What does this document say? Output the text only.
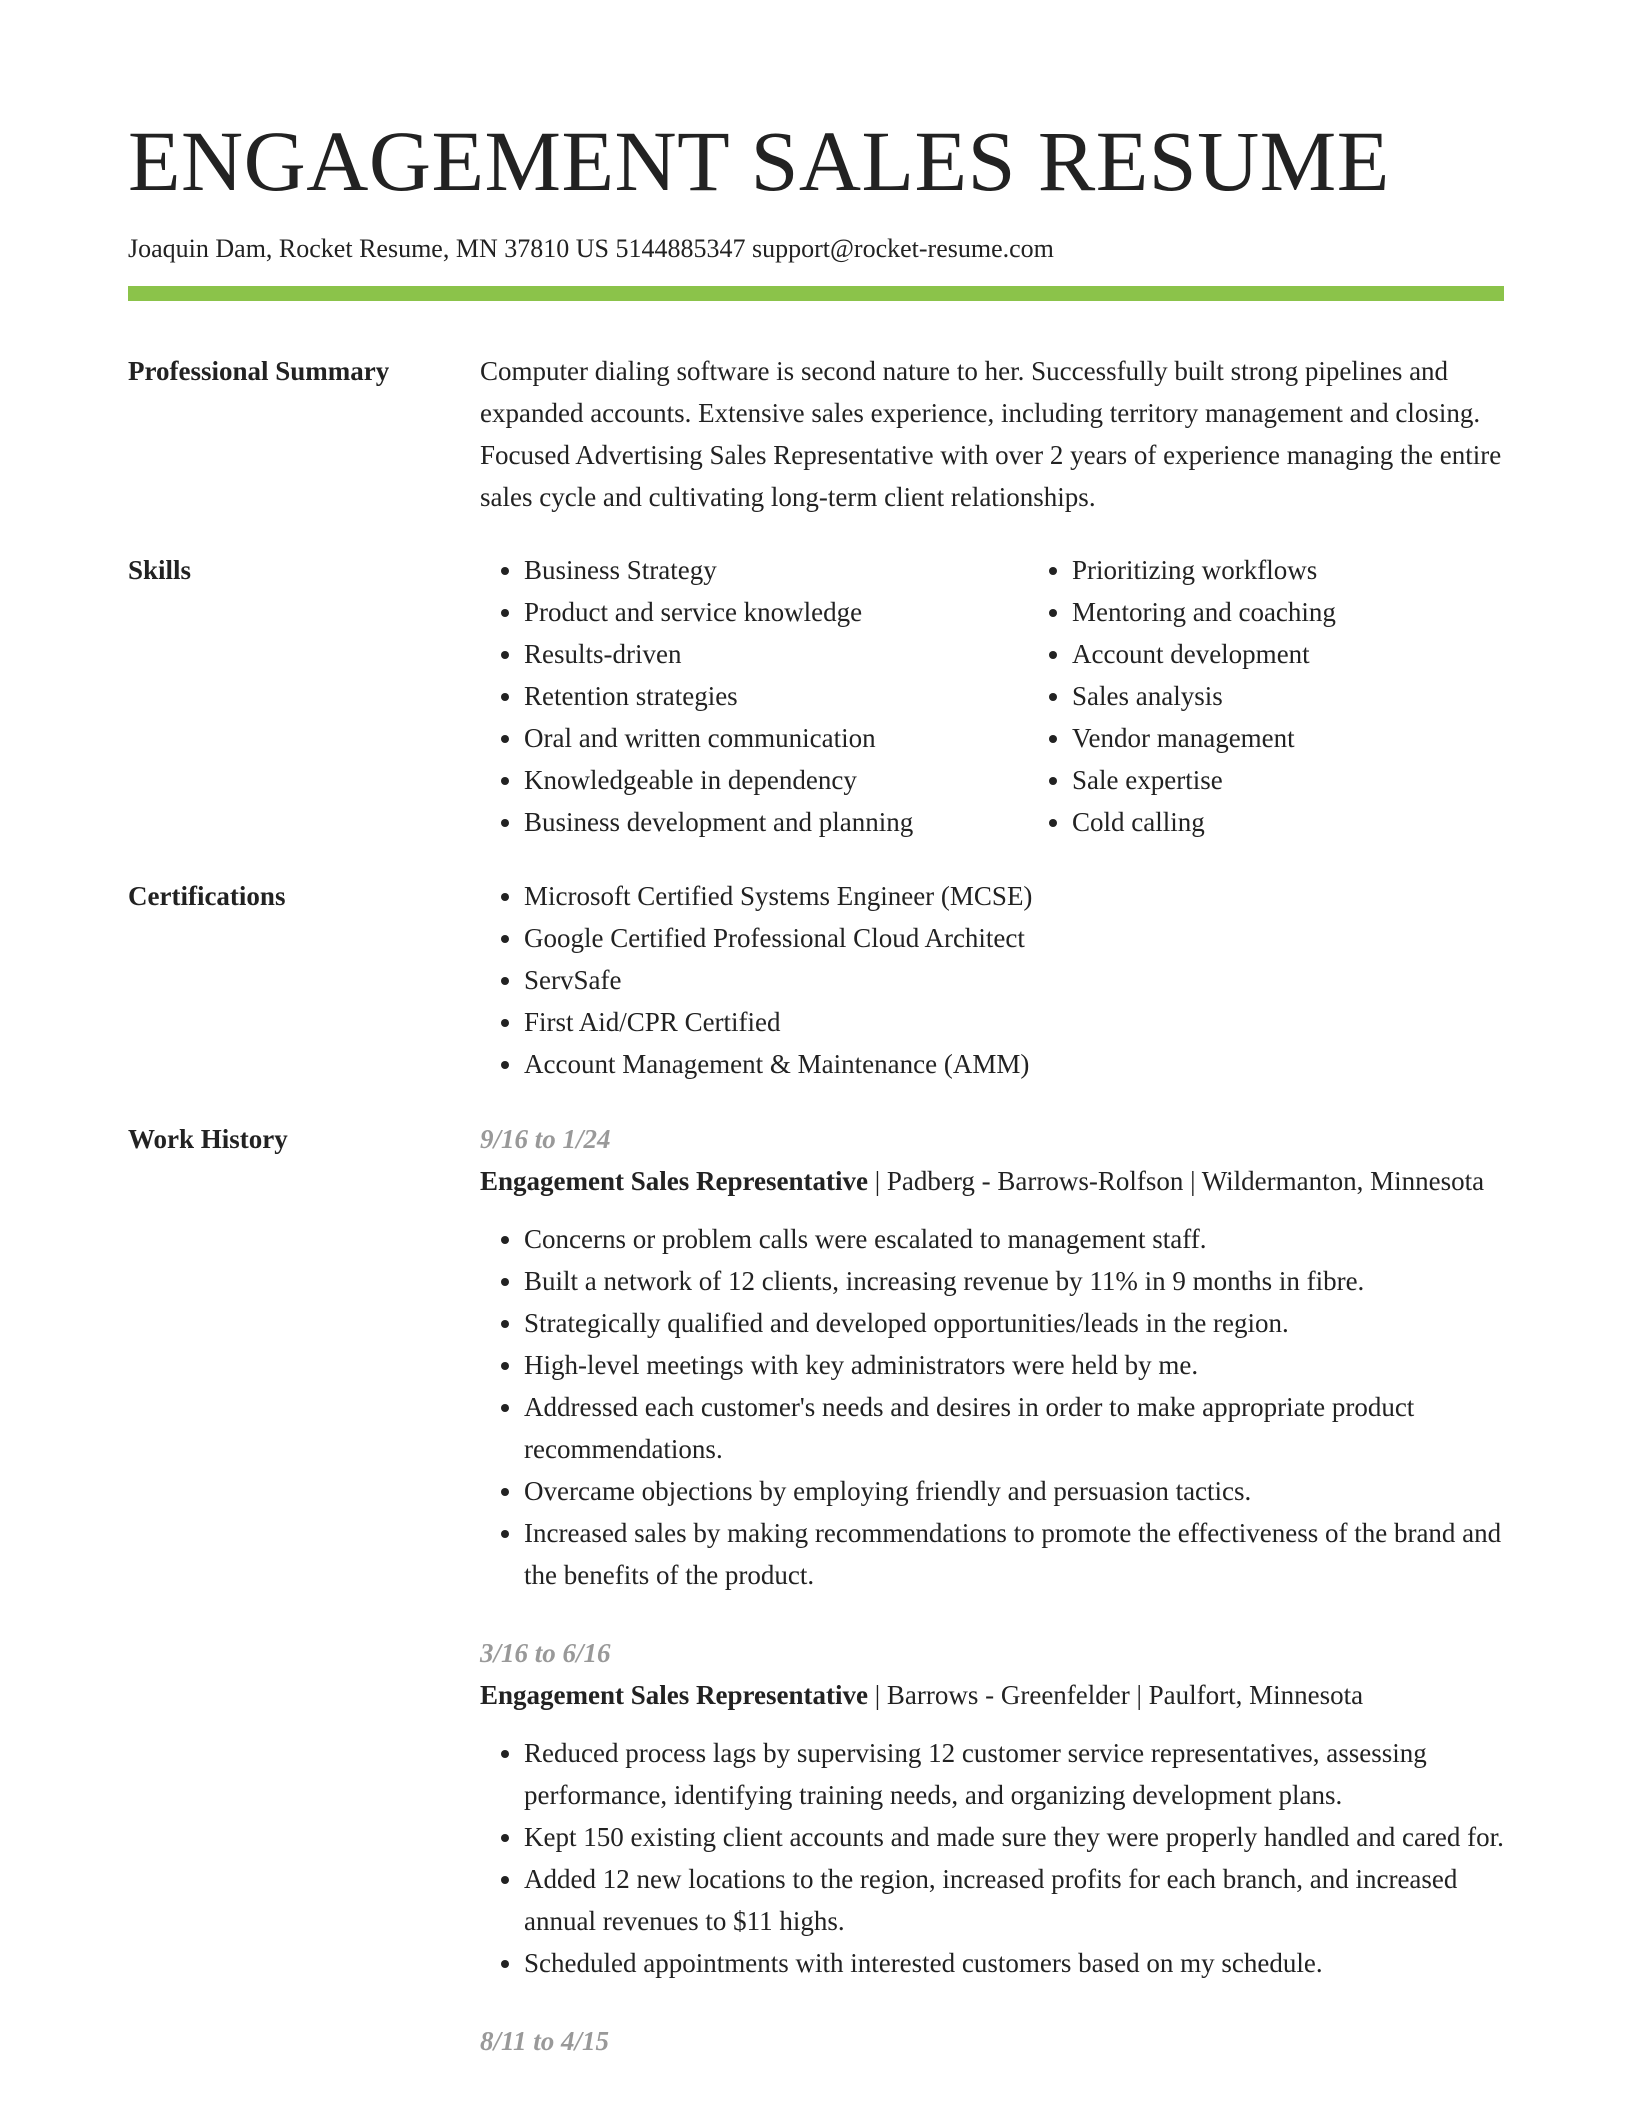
ENGAGEMENT SALES RESUME
Joaquin Dam, Rocket Resume, MN 37810 US 5144885347 support@rocket-resume.com
Professional Summary	Computer dialing software is second nature to her. Successfully built strong pipelines and expanded accounts. Extensive sales experience, including territory management and closing. Focused Advertising Sales Representative with over 2 years of experience managing the entire sales cycle and cultivating long-term client relationships.

Skills	• Business Strategy
• Product and service knowledge
• Results-driven
• Retention strategies
• Oral and written communication
• Knowledgeable in dependency
• Business development and planning
• Prioritizing workflows
• Mentoring and coaching
• Account development
• Sales analysis
• Vendor management
• Sale expertise
• Cold calling
Certifications	• Microsoft Certified Systems Engineer (MCSE)
• Google Certified Professional Cloud Architect
• ServSafe
• First Aid/CPR Certified
• Account Management & Maintenance (AMM)
Work History	9/16 to 1/24
Engagement Sales Representative | Padberg - Barrows-Rolfson | Wildermanton, Minnesota
• Concerns or problem calls were escalated to management staff.
• Built a network of 12 clients, increasing revenue by 11% in 9 months in fibre.
• Strategically qualified and developed opportunities/leads in the region.
• High-level meetings with key administrators were held by me.
• Addressed each customer's needs and desires in order to make appropriate product recommendations.
• Overcame objections by employing friendly and persuasion tactics.
• Increased sales by making recommendations to promote the effectiveness of the brand and the benefits of the product.
3/16 to 6/16
Engagement Sales Representative | Barrows - Greenfelder | Paulfort, Minnesota
• Reduced process lags by supervising 12 customer service representatives, assessing performance, identifying training needs, and organizing development plans.
• Kept 150 existing client accounts and made sure they were properly handled and cared for.
• Added 12 new locations to the region, increased profits for each branch, and increased annual revenues to $11 highs.
• Scheduled appointments with interested customers based on my schedule.
8/11 to 4/15
